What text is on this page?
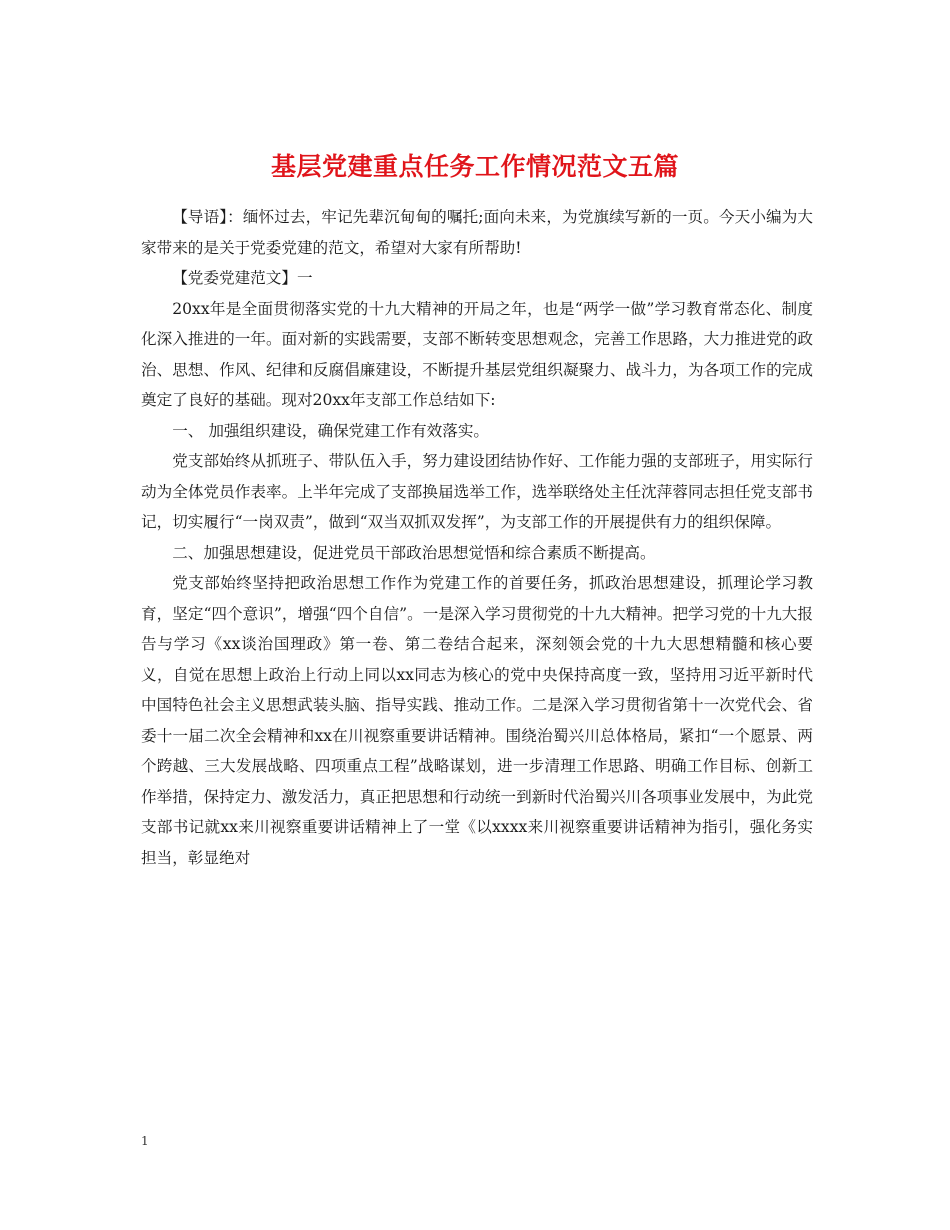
基层党建重点任务工作情况范文五篇

【导语】：缅怀过去，牢记先辈沉甸甸的嘱托;面向未来，为党旗续写新的一页。今天小编为大家带来的是关于党委党建的范文，希望对大家有所帮助!

【党委党建范文】一

20xx年是全面贯彻落实党的十九大精神的开局之年，也是“两学一做”学习教育常态化、制度化深入推进的一年。面对新的实践需要，支部不断转变思想观念，完善工作思路，大力推进党的政治、思想、作风、纪律和反腐倡廉建设，不断提升基层党组织凝聚力、战斗力，为各项工作的完成奠定了良好的基础。现对20xx年支部工作总结如下:

一、 加强组织建设，确保党建工作有效落实。

党支部始终从抓班子、带队伍入手，努力建设团结协作好、工作能力强的支部班子，用实际行动为全体党员作表率。上半年完成了支部换届选举工作，选举联络处主任沈萍蓉同志担任党支部书记，切实履行“一岗双责”，做到“双当双抓双发挥”，为支部工作的开展提供有力的组织保障。

二、加强思想建设，促进党员干部政治思想觉悟和综合素质不断提高。

党支部始终坚持把政治思想工作作为党建工作的首要任务，抓政治思想建设，抓理论学习教育，坚定“四个意识”，增强“四个自信”。一是深入学习贯彻党的十九大精神。把学习党的十九大报告与学习《xx谈治国理政》第一卷、第二卷结合起来，深刻领会党的十九大思想精髓和核心要义，自觉在思想上政治上行动上同以xx同志为核心的党中央保持高度一致，坚持用习近平新时代中国特色社会主义思想武装头脑、指导实践、推动工作。二是深入学习贯彻省第十一次党代会、省委十一届二次全会精神和xx在川视察重要讲话精神。围绕治蜀兴川总体格局，紧扣“一个愿景、两个跨越、三大发展战略、四项重点工程”战略谋划，进一步清理工作思路、明确工作目标、创新工作举措，保持定力、激发活力，真正把思想和行动统一到新时代治蜀兴川各项事业发展中，为此党支部书记就xx来川视察重要讲话精神上了一堂《以xxxx来川视察重要讲话精神为指引，强化务实担当，彰显绝对

1
